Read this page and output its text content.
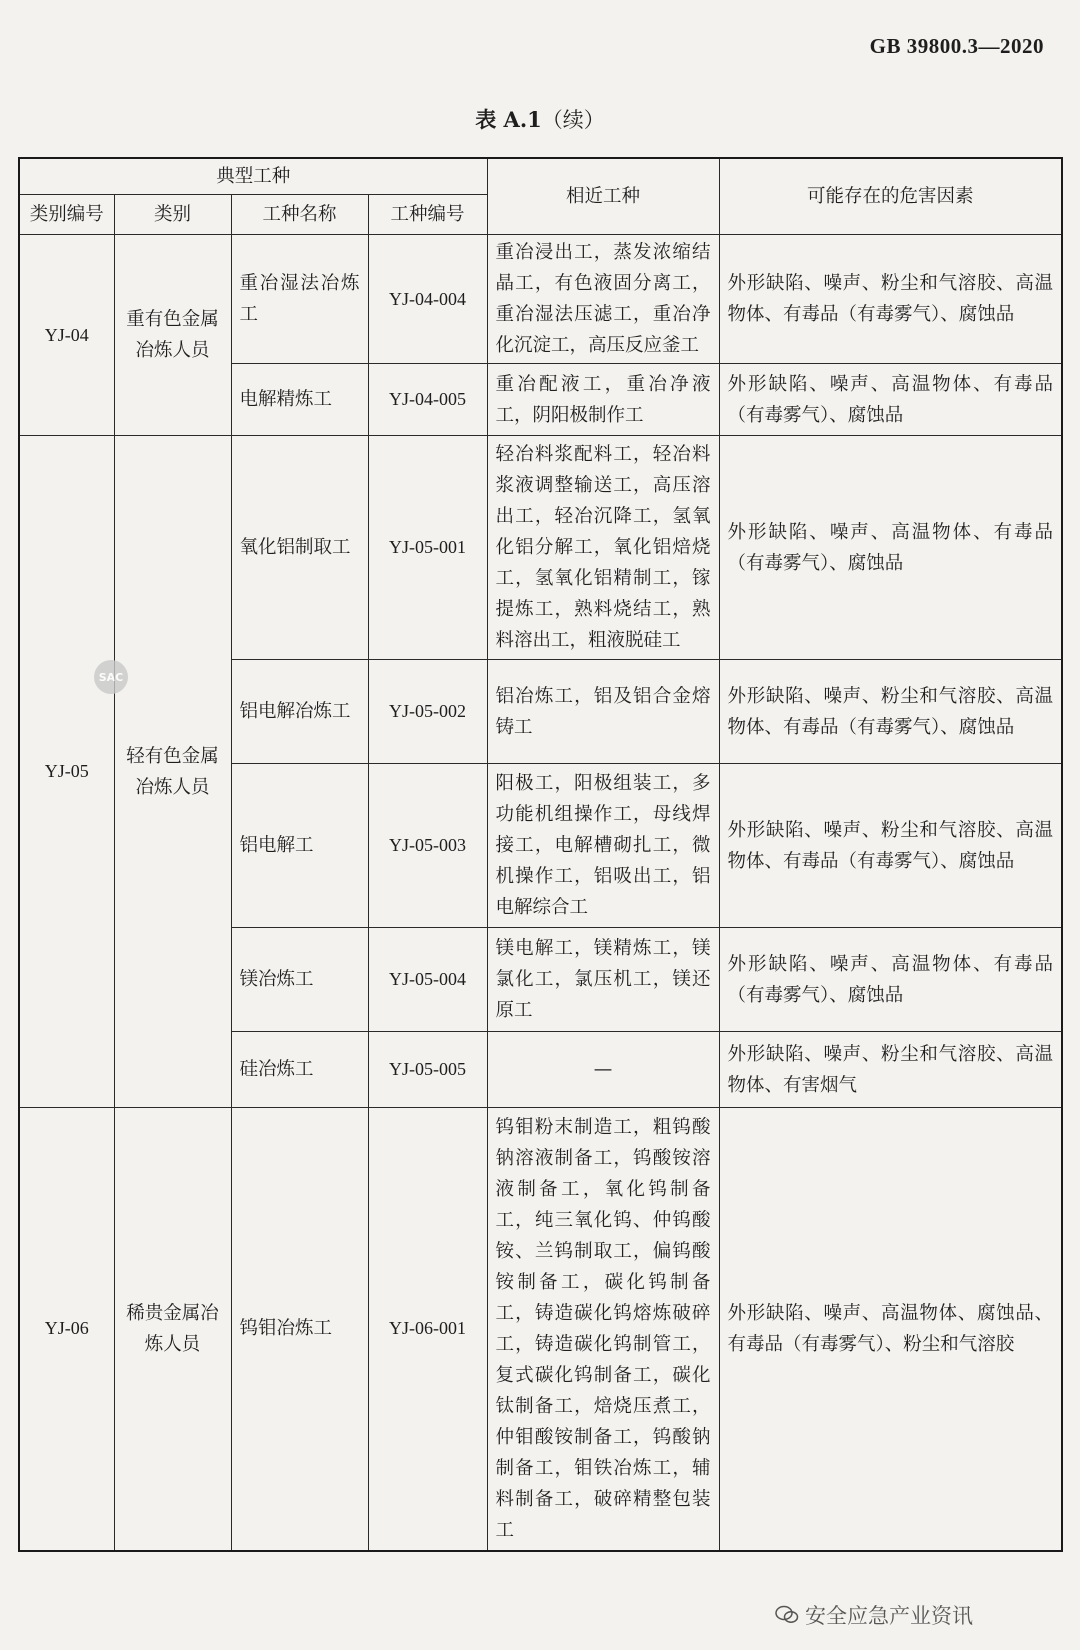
GB 39800.3—2020
表 A.1（续）
典型工种				相近工种	可能存在的危害因素
类别编号	类别	工种名称	工种编号		
YJ-04	重有色金属冶炼人员	重冶湿法冶炼工	YJ-04-004	重冶浸出工，蒸发浓缩结晶工，有色液固分离工，重冶湿法压滤工，重冶净化沉淀工，高压反应釜工	外形缺陷、噪声、粉尘和气溶胶、高温物体、有毒品（有毒雾气）、腐蚀品
		电解精炼工	YJ-04-005	重冶配液工，重冶净液工，阴阳极制作工	外形缺陷、噪声、高温物体、有毒品（有毒雾气）、腐蚀品
YJ-05	轻有色金属冶炼人员	氧化铝制取工	YJ-05-001	轻冶料浆配料工，轻冶料浆液调整输送工，高压溶出工，轻冶沉降工，氢氧化铝分解工，氧化铝焙烧工，氢氧化铝精制工，镓提炼工，熟料烧结工，熟料溶出工，粗液脱硅工	外形缺陷、噪声、高温物体、有毒品（有毒雾气）、腐蚀品
		铝电解冶炼工	YJ-05-002	铝冶炼工，铝及铝合金熔铸工	外形缺陷、噪声、粉尘和气溶胶、高温物体、有毒品（有毒雾气）、腐蚀品
		铝电解工	YJ-05-003	阳极工，阳极组装工，多功能机组操作工，母线焊接工，电解槽砌扎工，微机操作工，铝吸出工，铝电解综合工	外形缺陷、噪声、粉尘和气溶胶、高温物体、有毒品（有毒雾气）、腐蚀品
		镁冶炼工	YJ-05-004	镁电解工，镁精炼工，镁氯化工，氯压机工，镁还原工	外形缺陷、噪声、高温物体、有毒品（有毒雾气）、腐蚀品
		硅冶炼工	YJ-05-005	—	外形缺陷、噪声、粉尘和气溶胶、高温物体、有害烟气
YJ-06	稀贵金属冶炼人员	钨钼冶炼工	YJ-06-001	钨钼粉末制造工，粗钨酸钠溶液制备工，钨酸铵溶液制备工，氧化钨制备工，纯三氧化钨、仲钨酸铵、兰钨制取工，偏钨酸铵制备工，碳化钨制备工，铸造碳化钨熔炼破碎工，铸造碳化钨制管工，复式碳化钨制备工，碳化钛制备工，焙烧压煮工，仲钼酸铵制备工，钨酸钠制备工，钼铁冶炼工，辅料制备工，破碎精整包装工	外形缺陷、噪声、高温物体、腐蚀品、有毒品（有毒雾气）、粉尘和气溶胶
SAC
安全应急产业资讯
